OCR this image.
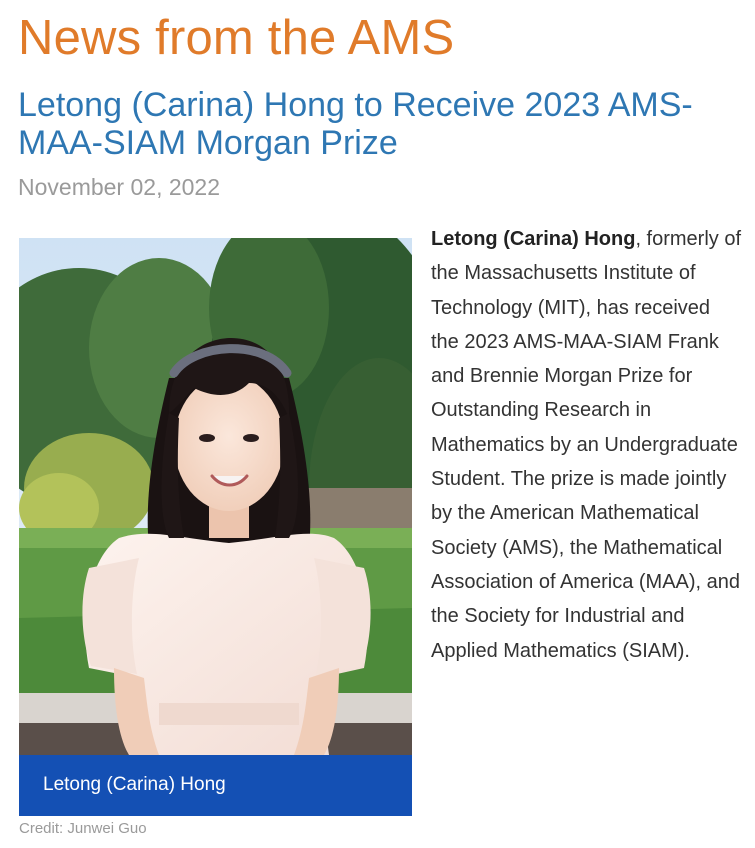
News from the AMS
Letong (Carina) Hong to Receive 2023 AMS-MAA-SIAM Morgan Prize
November 02, 2022
Letong (Carina) Hong
Credit: Junwei Guo

Letong (Carina) Hong, formerly of the Massachusetts Institute of Technology (MIT), has received the 2023 AMS-MAA-SIAM Frank and Brennie Morgan Prize for Outstanding Research in Mathematics by an Undergraduate Student. The prize is made jointly by the American Mathematical Society (AMS), the Mathematical Association of America (MAA), and the Society for Industrial and Applied Mathematics (SIAM).
